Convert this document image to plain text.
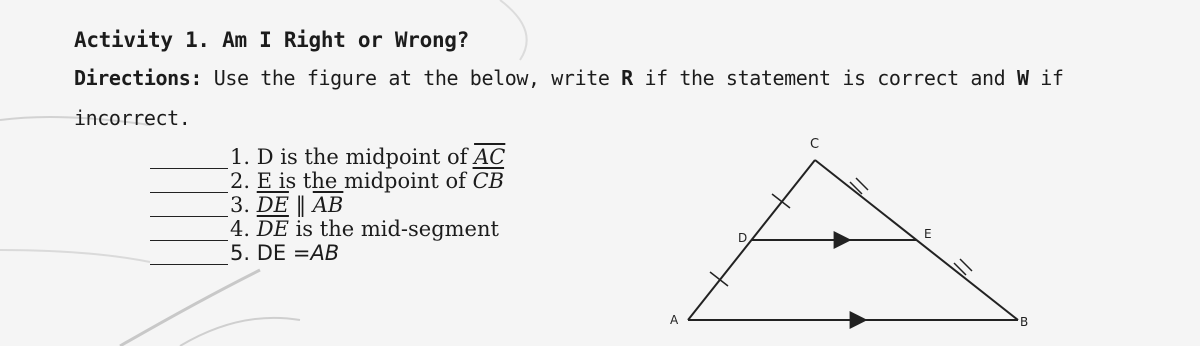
Activity 1. Am I Right or Wrong?
Directions: Use the figure at the below, write R if the statement is correct and W if incorrect.
1. D is the midpoint of $\overline{AC}$
2. E is the midpoint of $\overline{CB}$
3. $\overline{DE}$ ‖ $\overline{AB}$
4. $\overline{DE}$ is the mid-segment
5. DE =AB
C
A	B
D	E
